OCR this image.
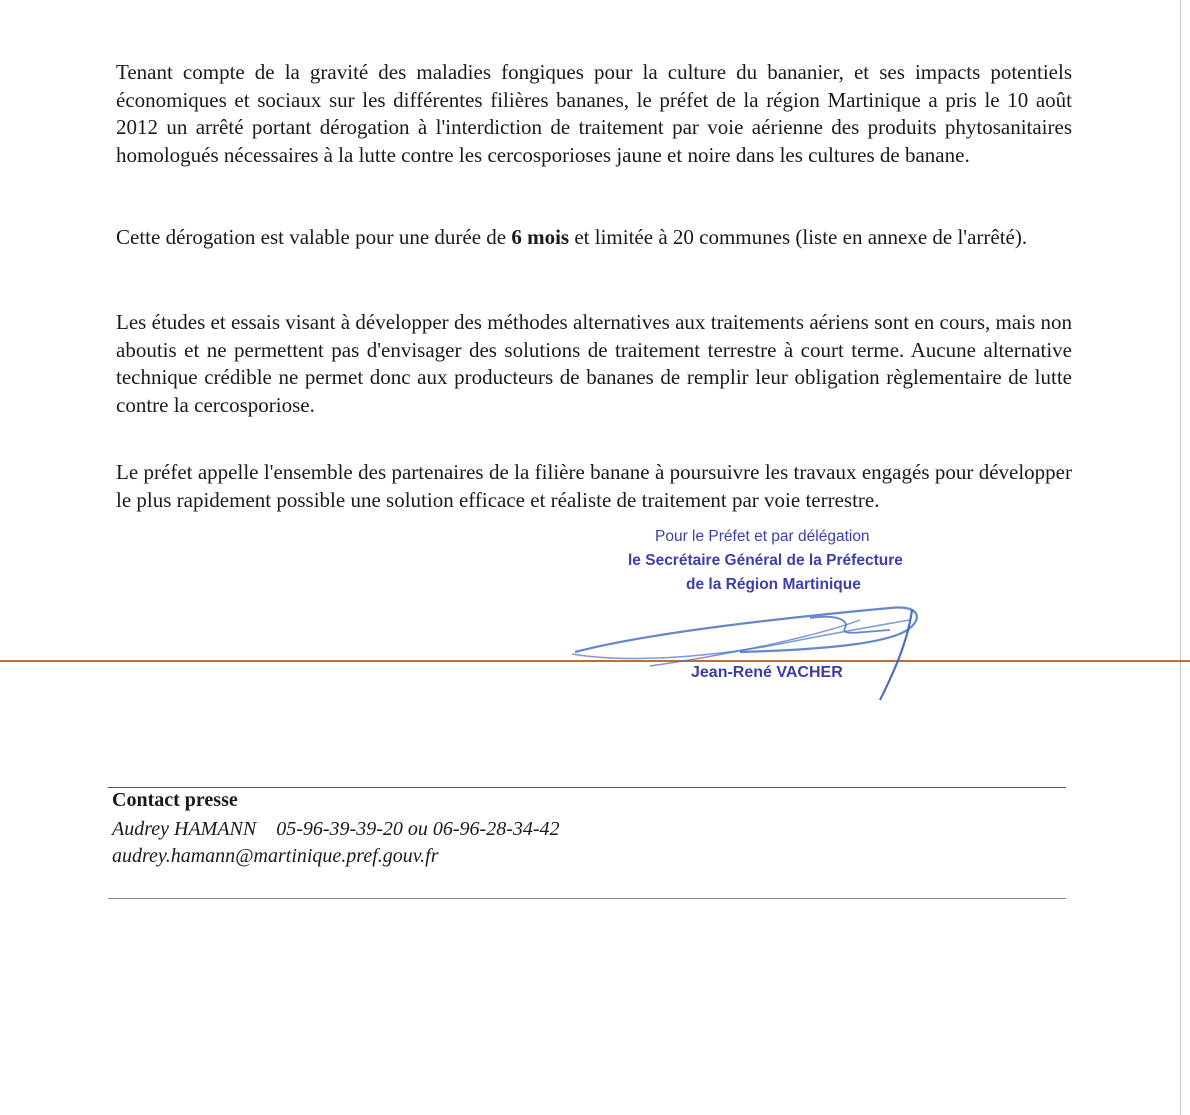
Tenant compte de la gravité des maladies fongiques pour la culture du bananier, et ses impacts potentiels économiques et sociaux sur les différentes filières bananes, le préfet de la région Martinique a pris le 10 août 2012 un arrêté portant dérogation à l'interdiction de traitement par voie aérienne des produits phytosanitaires homologués nécessaires à la lutte contre les cercosporioses jaune et noire dans les cultures de banane.

Cette dérogation est valable pour une durée de 6 mois et limitée à 20 communes (liste en annexe de l'arrêté).

Les études et essais visant à développer des méthodes alternatives aux traitements aériens sont en cours, mais non aboutis et ne permettent pas d'envisager des solutions de traitement terrestre à court terme. Aucune alternative technique crédible ne permet donc aux producteurs de bananes de remplir leur obligation règlementaire de lutte contre la cercosporiose.

Le préfet appelle l'ensemble des partenaires de la filière banane à poursuivre les travaux engagés pour développer le plus rapidement possible une solution efficace et réaliste de traitement par voie terrestre.

Pour le Préfet et par délégation
le Secrétaire Général de la Préfecture
de la Région Martinique
Jean-René VACHER

Contact presse

Audrey HAMANN    05-96-39-39-20 ou 06-96-28-34-42

audrey.hamann@martinique.pref.gouv.fr
